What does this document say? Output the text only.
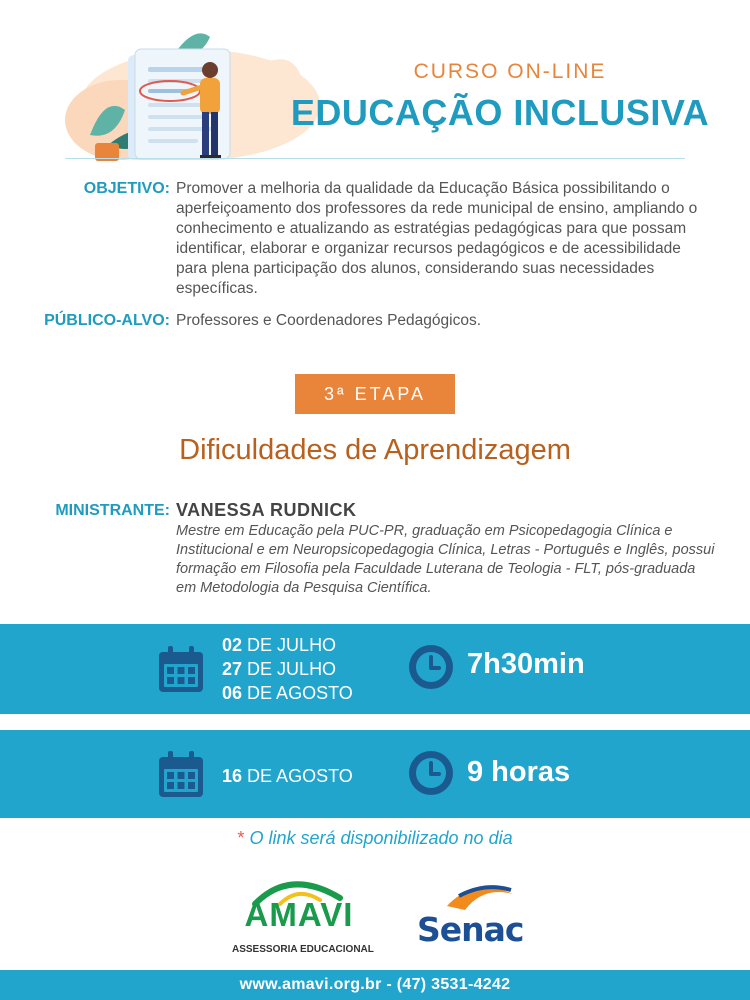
CURSO ON-LINE
EDUCAÇÃO INCLUSIVA
OBJETIVO: Promover a melhoria da qualidade da Educação Básica possibilitando o aperfeiçoamento dos professores da rede municipal de ensino, ampliando o conhecimento e atualizando as estratégias pedagógicas para que possam identificar, elaborar e organizar recursos pedagógicos e de acessibilidade para plena participação dos alunos, considerando suas necessidades específicas.
PÚBLICO-ALVO: Professores e Coordenadores Pedagógicos.
3ª ETAPA
Dificuldades de Aprendizagem
MINISTRANTE: VANESSA RUDNICK
Mestre em Educação pela PUC-PR, graduação em Psicopedagogia Clínica e Institucional e em Neuropsicopedagogia Clínica, Letras - Português e Inglês, possui formação em Filosofia pela Faculdade Luterana de Teologia - FLT, pós-graduada em Metodologia da Pesquisa Científica.
02 DE JULHO
27 DE JULHO
06 DE AGOSTO
7h30min
16 DE AGOSTO	9 horas
* O link será disponibilizado no dia
AMAVI
ASSESSORIA EDUCACIONAL
Senac
www.amavi.org.br - (47) 3531-4242
